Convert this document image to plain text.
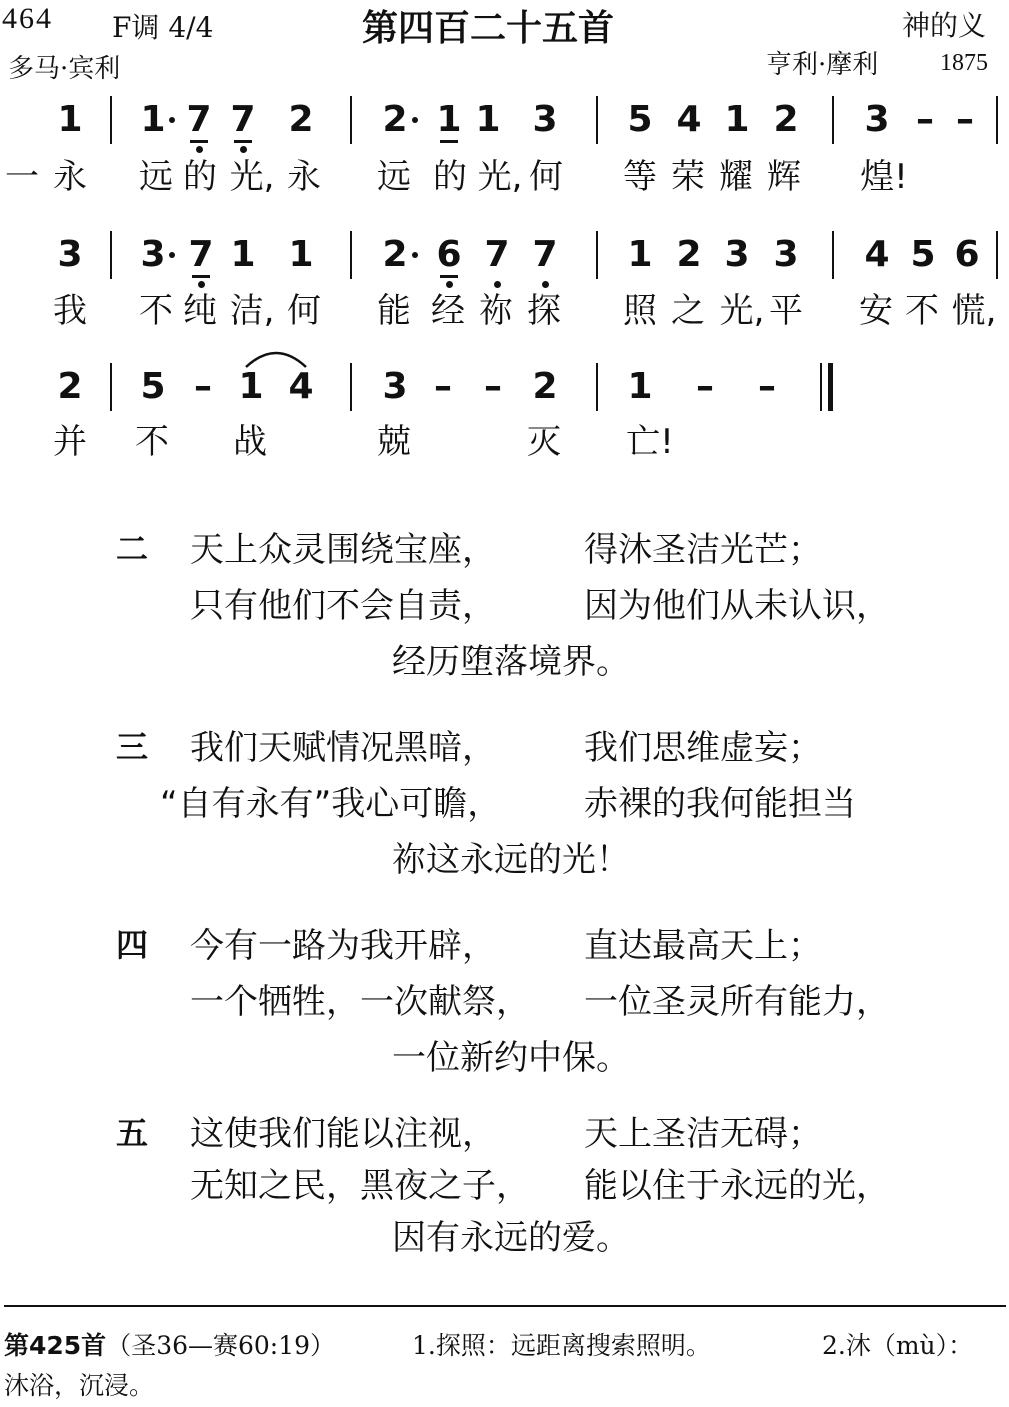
464 F调 4/4	第四百二十五首	神的义
多马·宾利	亨利·摩利	1875
1 1 7 7 2 2 1 1 3 5 4 1 2 3 – –
一 永 远 的 光, 永 远 的 光, 何 等 荣 耀 辉 煌!
3 3 7 1 1 2 6 7 7 1 2 3 3 4 5 6
我 不 纯 洁, 何 能 经 祢 探 照 之 光, 平 安 不 慌,
2 5 – 1 4 3 – – 2 1 – –
并 不 战	兢	灭 亡!
二 天上众灵围绕宝座，	得沐圣洁光芒；
只有他们不会自责，	因为他们从未认识，
经历堕落境界。
三 我们天赋情况黑暗，	我们思维虚妄；
“自有永有”我心可瞻， 赤裸的我何能担当
祢这永远的光！
四 今有一路为我开辟，	直达最高天上；
一个牺牲，一次献祭， 一位圣灵所有能力，
一位新约中保。
五 这使我们能以注视，	天上圣洁无碍；
无知之民，黑夜之子， 能以住于永远的光，
因有永远的爱。
第425首（圣36—赛60:19）	1.探照：远距离搜索照明。	2.沐（mù）：
沐浴，沉浸。
